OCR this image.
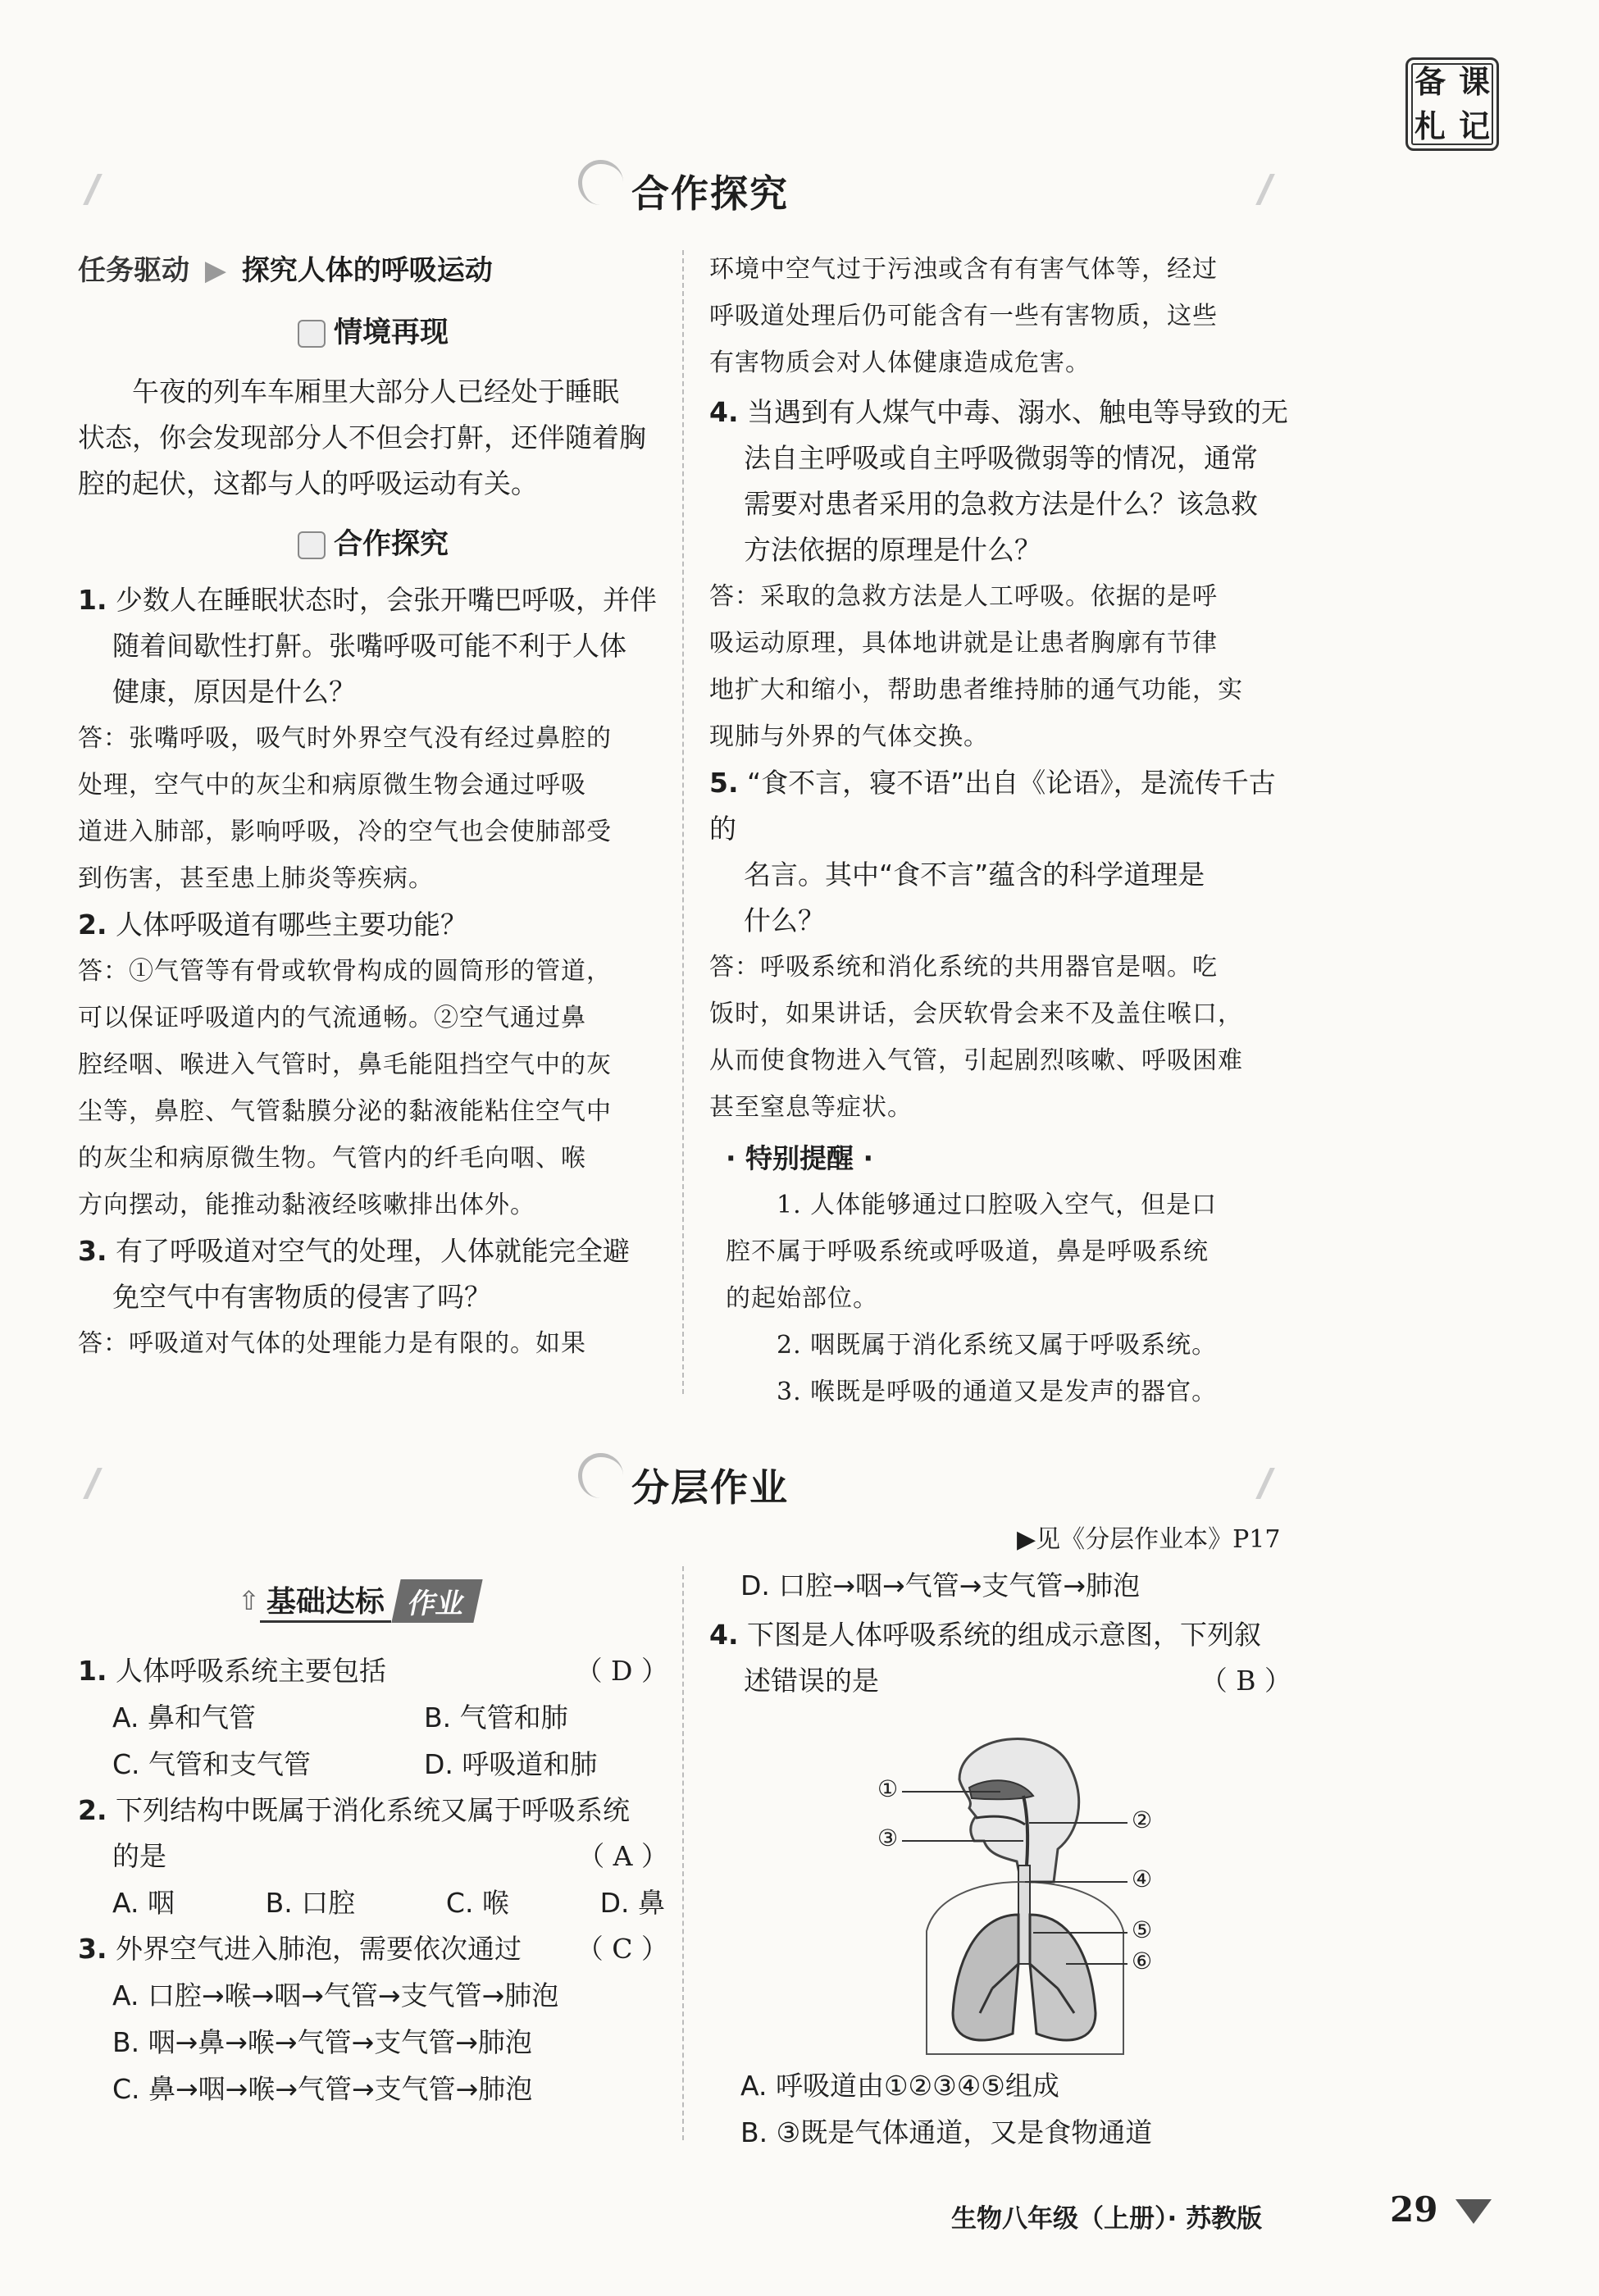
备 课
札 记
合作探究
任务驱动 ▶ 探究人体的呼吸运动
情境再现
午夜的列车车厢里大部分人已经处于睡眠
状态，你会发现部分人不但会打鼾，还伴随着胸
腔的起伏，这都与人的呼吸运动有关。
合作探究
1. 少数人在睡眠状态时，会张开嘴巴呼吸，并伴
随着间歇性打鼾。张嘴呼吸可能不利于人体
健康，原因是什么？
答：张嘴呼吸，吸气时外界空气没有经过鼻腔的
处理，空气中的灰尘和病原微生物会通过呼吸
道进入肺部，影响呼吸，冷的空气也会使肺部受
到伤害，甚至患上肺炎等疾病。
2. 人体呼吸道有哪些主要功能？
答：①气管等有骨或软骨构成的圆筒形的管道，
可以保证呼吸道内的气流通畅。②空气通过鼻
腔经咽、喉进入气管时，鼻毛能阻挡空气中的灰
尘等，鼻腔、气管黏膜分泌的黏液能粘住空气中
的灰尘和病原微生物。气管内的纤毛向咽、喉
方向摆动，能推动黏液经咳嗽排出体外。
3. 有了呼吸道对空气的处理，人体就能完全避
免空气中有害物质的侵害了吗？
答：呼吸道对气体的处理能力是有限的。如果
环境中空气过于污浊或含有有害气体等，经过
呼吸道处理后仍可能含有一些有害物质，这些
有害物质会对人体健康造成危害。
4. 当遇到有人煤气中毒、溺水、触电等导致的无
法自主呼吸或自主呼吸微弱等的情况，通常
需要对患者采用的急救方法是什么？该急救
方法依据的原理是什么？
答：采取的急救方法是人工呼吸。依据的是呼
吸运动原理，具体地讲就是让患者胸廓有节律
地扩大和缩小，帮助患者维持肺的通气功能，实
现肺与外界的气体交换。
5. “食不言，寝不语”出自《论语》，是流传千古的
名言。其中“食不言”蕴含的科学道理是
什么？
答：呼吸系统和消化系统的共用器官是咽。吃
饭时，如果讲话，会厌软骨会来不及盖住喉口，
从而使食物进入气管，引起剧烈咳嗽、呼吸困难
甚至窒息等症状。
· 特别提醒 ·
1. 人体能够通过口腔吸入空气，但是口
腔不属于呼吸系统或呼吸道，鼻是呼吸系统
的起始部位。
2. 咽既属于消化系统又属于呼吸系统。
3. 喉既是呼吸的通道又是发声的器官。
分层作业
▶见《分层作业本》P17
⇧ 基础达标 作业
1. 人体呼吸系统主要包括	（ D ）
A. 鼻和气管	B. 气管和肺
C. 气管和支气管	D. 呼吸道和肺
2. 下列结构中既属于消化系统又属于呼吸系统
的是	（ A ）
A. 咽	B. 口腔	C. 喉	D. 鼻
3. 外界空气进入肺泡，需要依次通过 （ C ）
A. 口腔→喉→咽→气管→支气管→肺泡
B. 咽→鼻→喉→气管→支气管→肺泡
C. 鼻→咽→喉→气管→支气管→肺泡
D. 口腔→咽→气管→支气管→肺泡
4. 下图是人体呼吸系统的组成示意图，下列叙
述错误的是	（ B ）
①
②
③
④
⑤
⑥
A. 呼吸道由①②③④⑤组成
B. ③既是气体通道，又是食物通道
生物八年级（上册）· 苏教版	29
